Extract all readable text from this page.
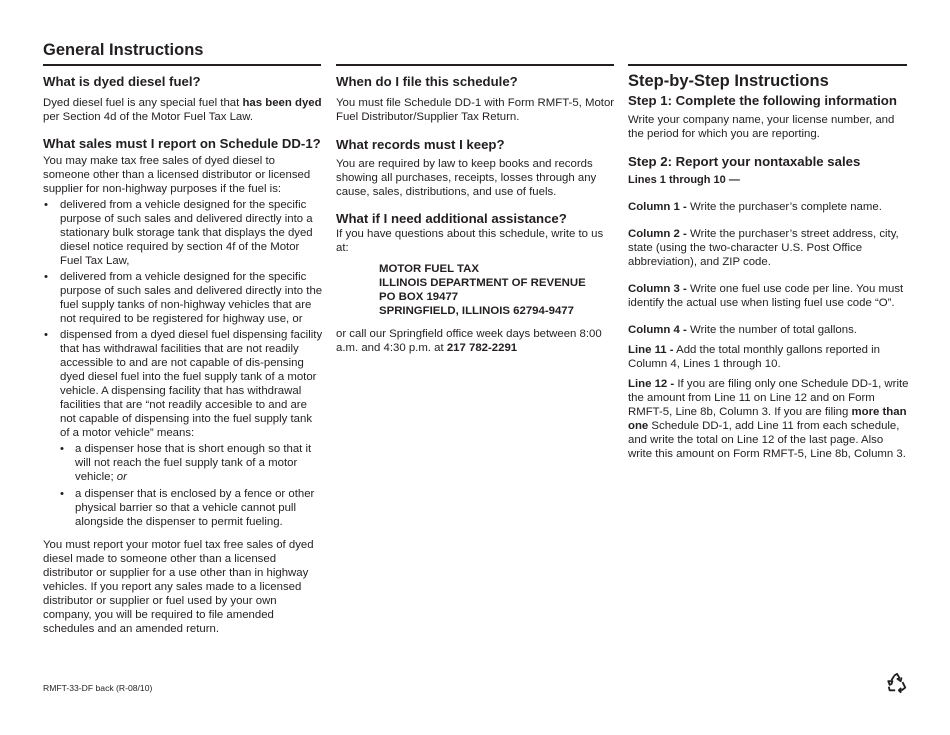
General Instructions
What is dyed diesel fuel?
Dyed diesel fuel is any special fuel that has been dyed per Section 4d of the Motor Fuel Tax Law.
What sales must I report on Schedule DD-1?
You may make tax free sales of dyed diesel to someone other than a licensed distributor or licensed supplier for non-highway purposes if the fuel is:
• delivered from a vehicle designed for the specific purpose of such sales and delivered directly into a stationary bulk storage tank that displays the dyed diesel notice required by section 4f of the Motor Fuel Tax Law,
• delivered from a vehicle designed for the specific purpose of such sales and delivered directly into the fuel supply tanks of non-highway vehicles that are not required to be registered for highway use, or
• dispensed from a dyed diesel fuel dispensing facility that has withdrawal facilities that are not readily accessible to and are not capable of dis-pensing dyed diesel fuel into the fuel supply tank of a motor vehicle. A dispensing facility that has withdrawal facilities that are “not readily accesible to and are not capable of dispensing into the fuel supply tank of a motor vehicle” means:
• a dispenser hose that is short enough so that it will not reach the fuel supply tank of a motor vehicle; or
• a dispenser that is enclosed by a fence or other physical barrier so that a vehicle cannot pull alongside the dispenser to permit fueling.
You must report your motor fuel tax free sales of dyed diesel made to someone other than a licensed distributor or supplier for a use other than in highway vehicles. If you report any sales made to a licensed distributor or supplier or fuel used by your own company, you will be required to file amended schedules and an amended return.
RMFT-33-DF back (R-08/10)
When do I file this schedule?
You must file Schedule DD-1 with Form RMFT-5, Motor Fuel Distributor/Supplier Tax Return.
What records must I keep?
You are required by law to keep books and records showing all purchases, receipts, losses through any cause, sales, distributions, and use of fuels.
What if I need additional assistance?
If you have questions about this schedule, write to us at:
MOTOR FUEL TAX
ILLINOIS DEPARTMENT OF REVENUE
PO BOX 19477
SPRINGFIELD, ILLINOIS 62794-9477
or call our Springfield office week days between 8:00 a.m. and 4:30 p.m. at 217 782-2291
Step-by-Step Instructions
Step 1: Complete the following information
Write your company name, your license number, and the period for which you are reporting.
Step 2: Report your nontaxable sales
Lines 1 through 10 —
Column 1 - Write the purchaser’s complete name.
Column 2 - Write the purchaser’s street address, city, state (using the two-character U.S. Post Office abbreviation), and ZIP code.
Column 3 - Write one fuel use code per line. You must identify the actual use when listing fuel use code “O”.
Column 4 - Write the number of total gallons.
Line 11 - Add the total monthly gallons reported in Column 4, Lines 1 through 10.
Line 12 - If you are filing only one Schedule DD-1, write the amount from Line 11 on Line 12 and on Form RMFT-5, Line 8b, Column 3. If you are filing more than one Schedule DD-1, add Line 11 from each schedule, and write the total on Line 12 of the last page. Also write this amount on Form RMFT-5, Line 8b, Column 3.
